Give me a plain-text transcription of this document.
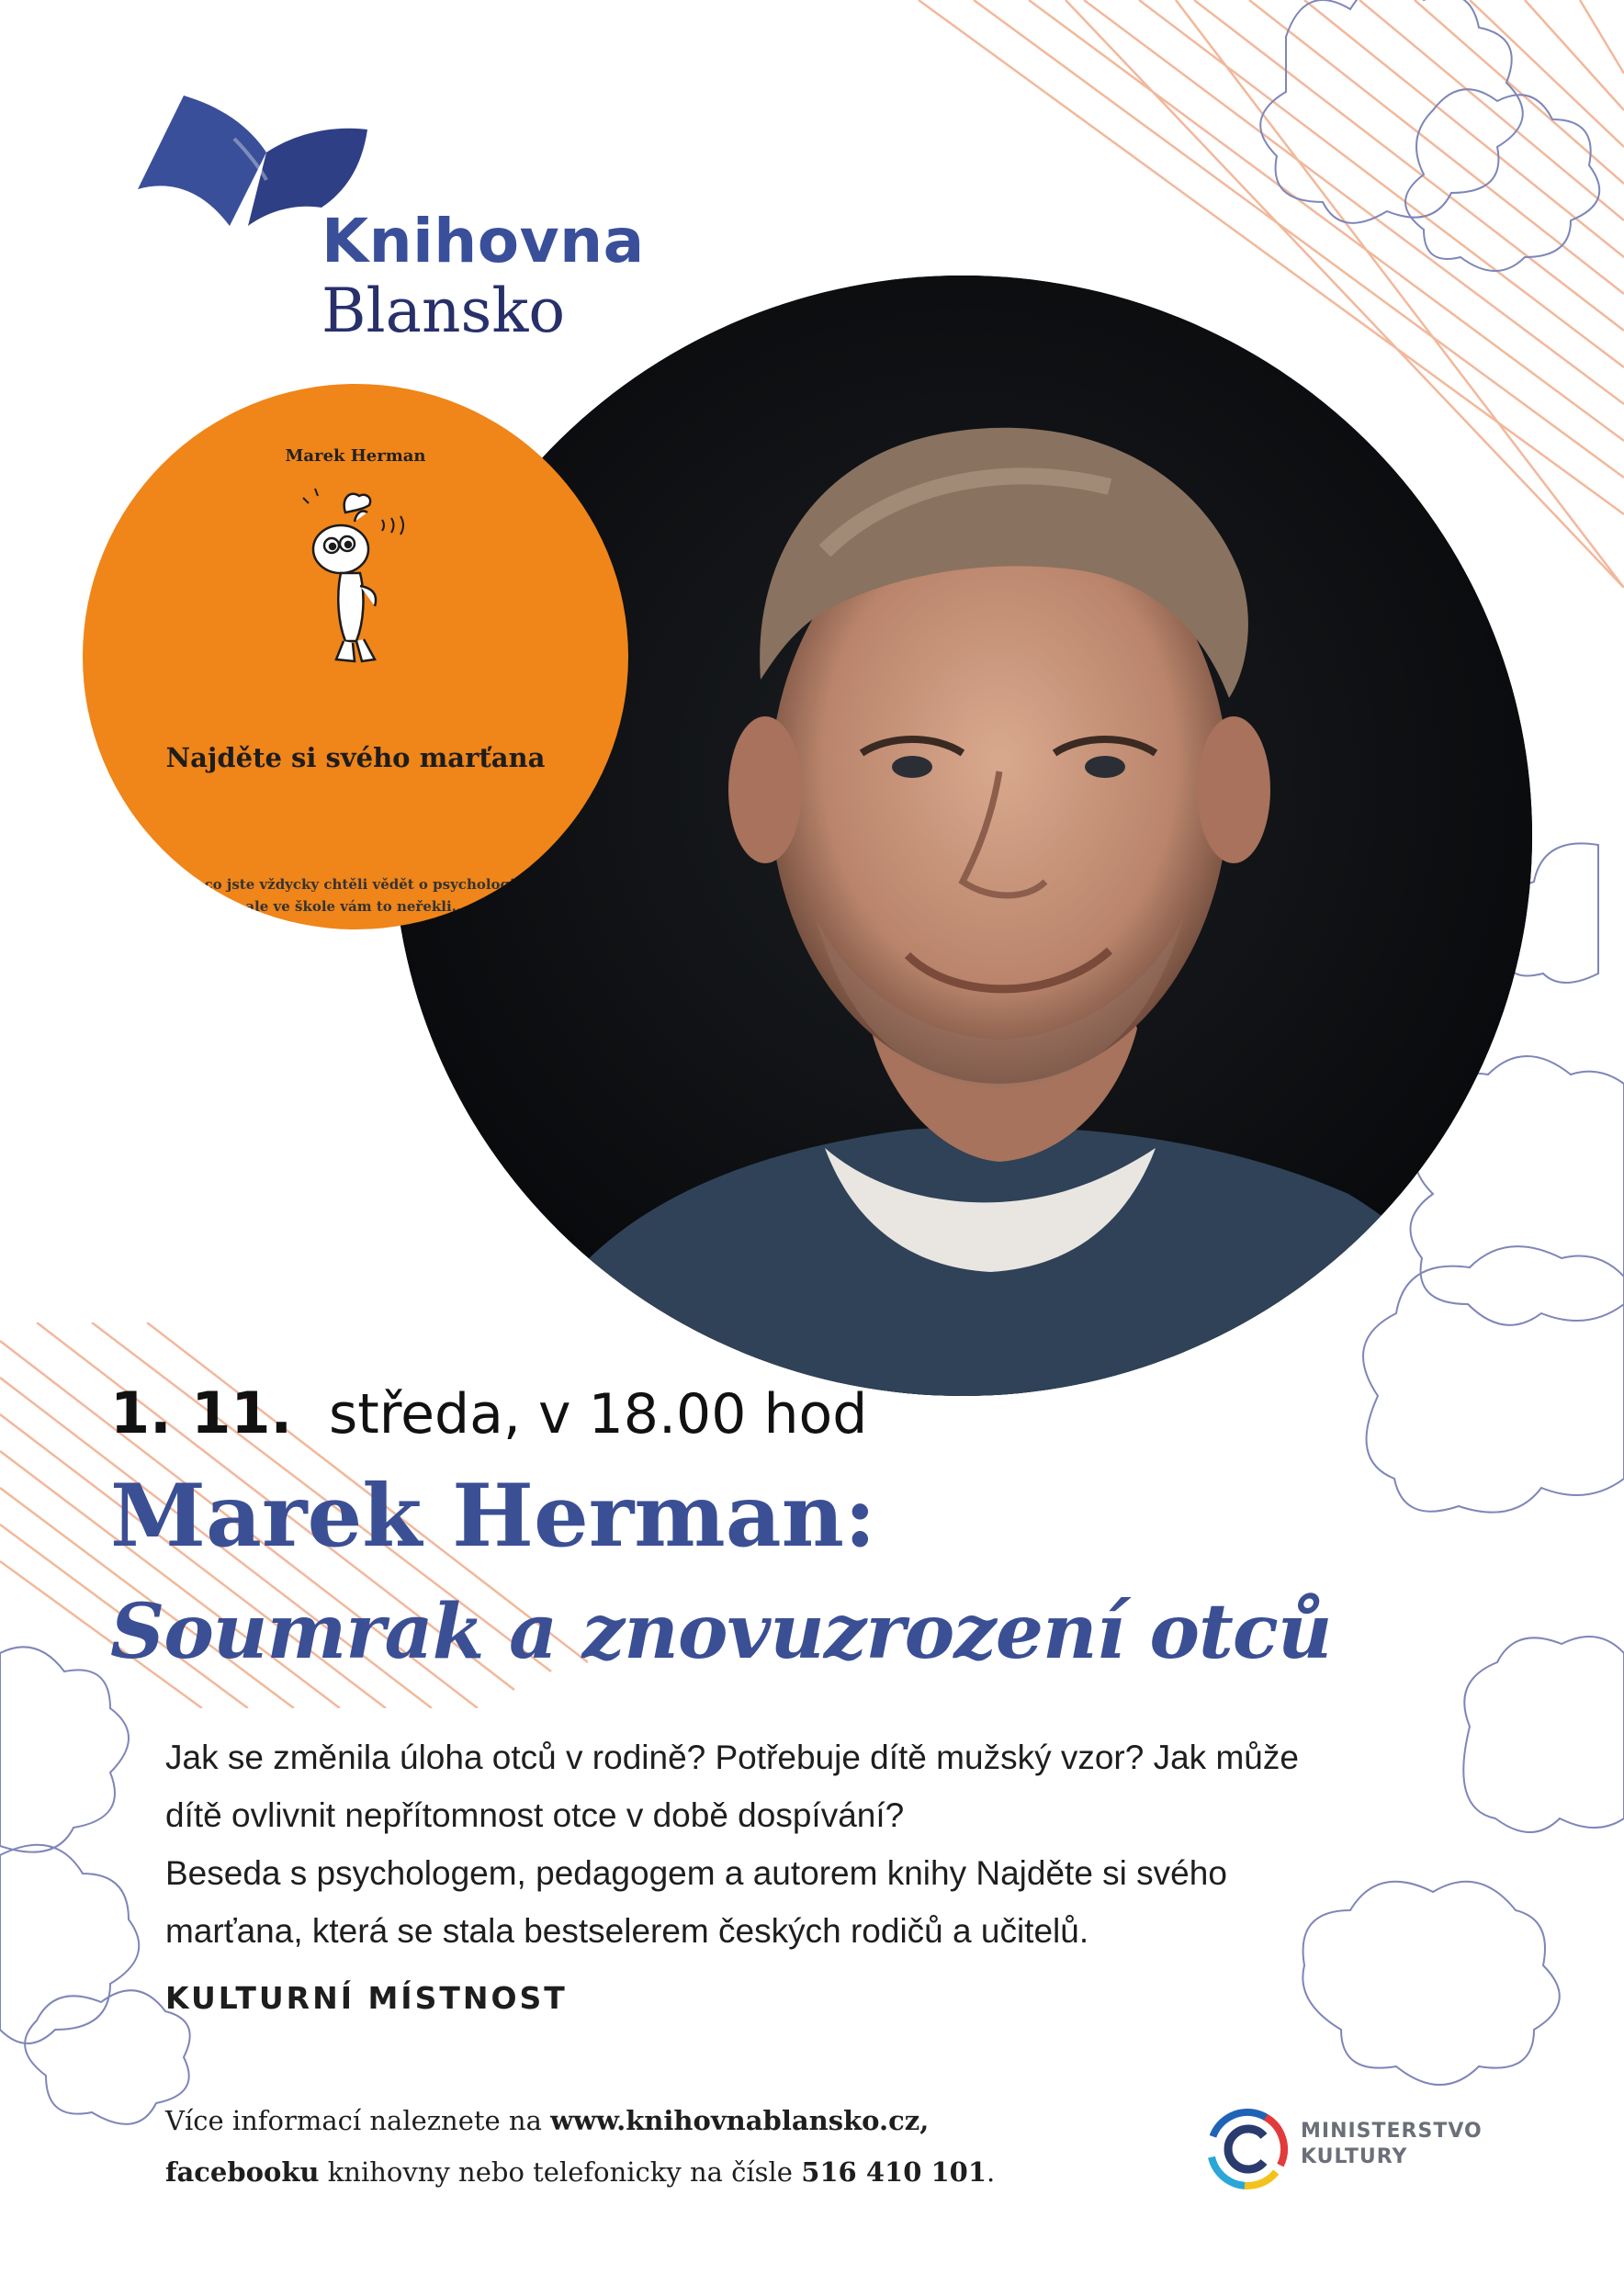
Knihovna
Blansko
Marek Herman
Najděte si svého marťana
… co jste vždycky chtěli vědět o psychologii,
ale ve škole vám to neřekli…
1. 11. středa, v 18.00 hod
Marek Herman:
Soumrak a znovuzrození otců

Jak se změnila úloha otců v rodině? Potřebuje dítě mužský vzor? Jak může

dítě ovlivnit nepřítomnost otce v době dospívání?

Beseda s psychologem, pedagogem a autorem knihy Najděte si svého

marťana, která se stala bestselerem českých rodičů a učitelů.

KULTURNÍ MÍSTNOST
Více informací naleznete na www.knihovnablansko.cz,
facebooku knihovny nebo telefonicky na čísle 516 410 101.
MINISTERSTVO
KULTURY
